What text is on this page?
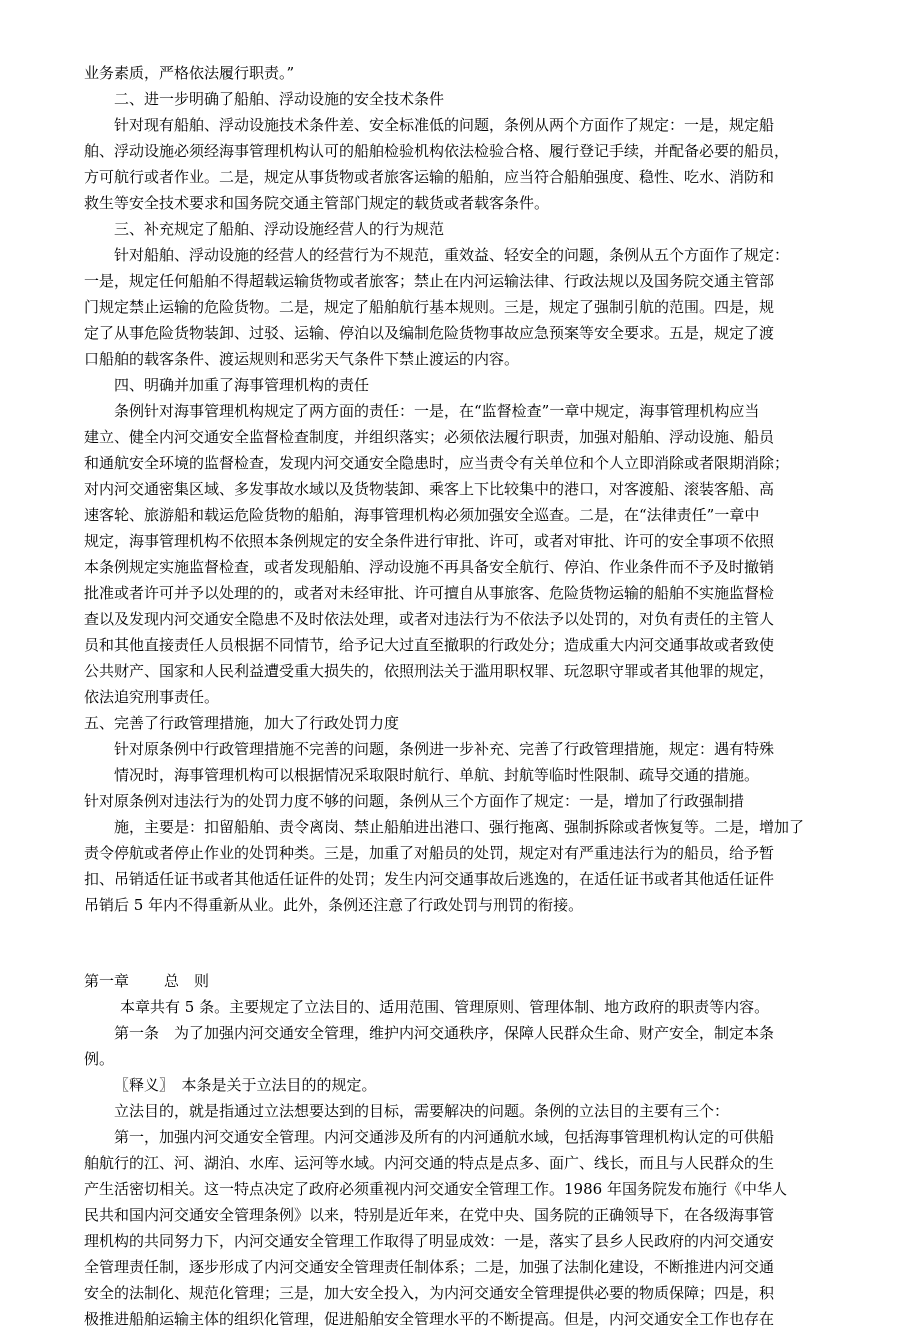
业务素质，严格依法履行职责。”
二、进一步明确了船舶、浮动设施的安全技术条件
针对现有船舶、浮动设施技术条件差、安全标准低的问题，条例从两个方面作了规定：一是，规定船
舶、浮动设施必须经海事管理机构认可的船舶检验机构依法检验合格、履行登记手续，并配备必要的船员，
方可航行或者作业。二是，规定从事货物或者旅客运输的船舶，应当符合船舶强度、稳性、吃水、消防和
救生等安全技术要求和国务院交通主管部门规定的载货或者载客条件。
三、补充规定了船舶、浮动设施经营人的行为规范
针对船舶、浮动设施的经营人的经营行为不规范，重效益、轻安全的问题，条例从五个方面作了规定：
一是，规定任何船舶不得超载运输货物或者旅客；禁止在内河运输法律、行政法规以及国务院交通主管部
门规定禁止运输的危险货物。二是，规定了船舶航行基本规则。三是，规定了强制引航的范围。四是，规
定了从事危险货物装卸、过驳、运输、停泊以及编制危险货物事故应急预案等安全要求。五是，规定了渡
口船舶的载客条件、渡运规则和恶劣天气条件下禁止渡运的内容。
四、明确并加重了海事管理机构的责任
条例针对海事管理机构规定了两方面的责任：一是，在“监督检查”一章中规定，海事管理机构应当
建立、健全内河交通安全监督检查制度，并组织落实；必须依法履行职责，加强对船舶、浮动设施、船员
和通航安全环境的监督检查，发现内河交通安全隐患时，应当责令有关单位和个人立即消除或者限期消除；
对内河交通密集区域、多发事故水域以及货物装卸、乘客上下比较集中的港口，对客渡船、滚装客船、高
速客轮、旅游船和载运危险货物的船舶，海事管理机构必须加强安全巡查。二是，在“法律责任”一章中
规定，海事管理机构不依照本条例规定的安全条件进行审批、许可，或者对审批、许可的安全事项不依照
本条例规定实施监督检查，或者发现船舶、浮动设施不再具备安全航行、停泊、作业条件而不予及时撤销
批准或者许可并予以处理的的，或者对未经审批、许可擅自从事旅客、危险货物运输的船舶不实施监督检
查以及发现内河交通安全隐患不及时依法处理，或者对违法行为不依法予以处罚的，对负有责任的主管人
员和其他直接责任人员根据不同情节，给予记大过直至撤职的行政处分；造成重大内河交通事故或者致使
公共财产、国家和人民利益遭受重大损失的，依照刑法关于滥用职权罪、玩忽职守罪或者其他罪的规定，
依法追究刑事责任。
五、完善了行政管理措施，加大了行政处罚力度
针对原条例中行政管理措施不完善的问题，条例进一步补充、完善了行政管理措施，规定：遇有特殊
情况时，海事管理机构可以根据情况采取限时航行、单航、封航等临时性限制、疏导交通的措施。
针对原条例对违法行为的处罚力度不够的问题，条例从三个方面作了规定：一是，增加了行政强制措
施，主要是：扣留船舶、责令离岗、禁止船舶进出港口、强行拖离、强制拆除或者恢复等。二是，增加了
责令停航或者停止作业的处罚种类。三是，加重了对船员的处罚，规定对有严重违法行为的船员，给予暂
扣、吊销适任证书或者其他适任证件的处罚；发生内河交通事故后逃逸的，在适任证书或者其他适任证件
吊销后 5 年内不得重新从业。此外，条例还注意了行政处罚与刑罚的衔接。
第一章 总　则
本章共有 5 条。主要规定了立法目的、适用范围、管理原则、管理体制、地方政府的职责等内容。
第一条　为了加强内河交通安全管理，维护内河交通秩序，保障人民群众生命、财产安全，制定本条
例。
〖释义〗　本条是关于立法目的的规定。
立法目的，就是指通过立法想要达到的目标，需要解决的问题。条例的立法目的主要有三个：
第一，加强内河交通安全管理。内河交通涉及所有的内河通航水域，包括海事管理机构认定的可供船
舶航行的江、河、湖泊、水库、运河等水域。内河交通的特点是点多、面广、线长，而且与人民群众的生
产生活密切相关。这一特点决定了政府必须重视内河交通安全管理工作。1986 年国务院发布施行《中华人
民共和国内河交通安全管理条例》以来，特别是近年来，在党中央、国务院的正确领导下，在各级海事管
理机构的共同努力下，内河交通安全管理工作取得了明显成效：一是，落实了县乡人民政府的内河交通安
全管理责任制，逐步形成了内河交通安全管理责任制体系；二是，加强了法制化建设，不断推进内河交通
安全的法制化、规范化管理；三是，加大安全投入，为内河交通安全管理提供必要的物质保障；四是，积
极推进船舶运输主体的组织化管理，促进船舶安全管理水平的不断提高。但是，内河交通安全工作也存在
